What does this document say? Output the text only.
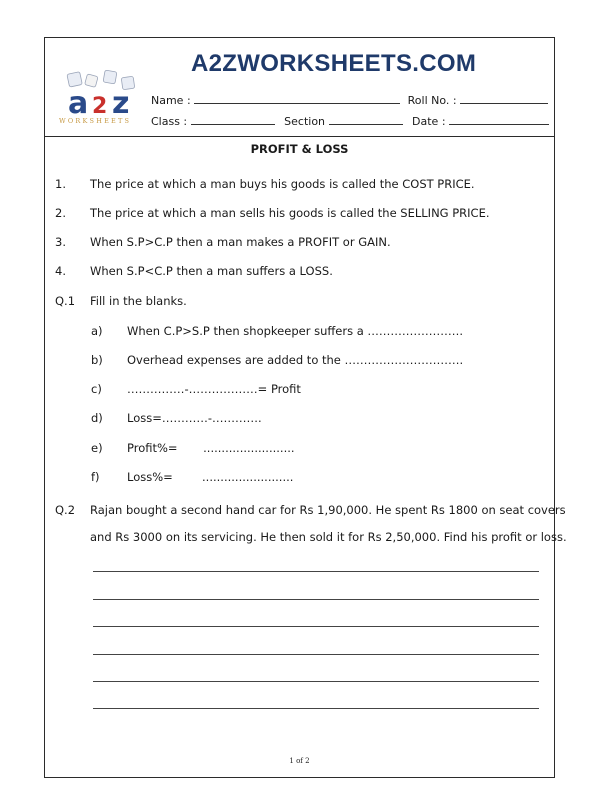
A2ZWORKSHEETS.COM
a 2 z
WORKSHEETS
Name :	Roll No. :
Class :	Section	Date :
PROFIT & LOSS
1. The price at which a man buys his goods is called the COST PRICE.
2. The price at which a man sells his goods is called the SELLING PRICE.
3. When S.P>C.P then a man makes a PROFIT or GAIN.
4. When S.P<C.P then a man suffers a LOSS.
Q.1 Fill in the blanks.
a) When C.P>S.P then shopkeeper suffers a …………………….
b) Overhead expenses are added to the ………………………….
c) ……………-………………= Profit
d) Loss=…………-………….
e) Profit%=       .........................
f) Loss%=        .........................
Q.2 Rajan bought a second hand car for Rs 1,90,000. He spent Rs 1800 on seat covers
and Rs 3000 on its servicing. He then sold it for Rs 2,50,000. Find his profit or loss.
1 of 2
